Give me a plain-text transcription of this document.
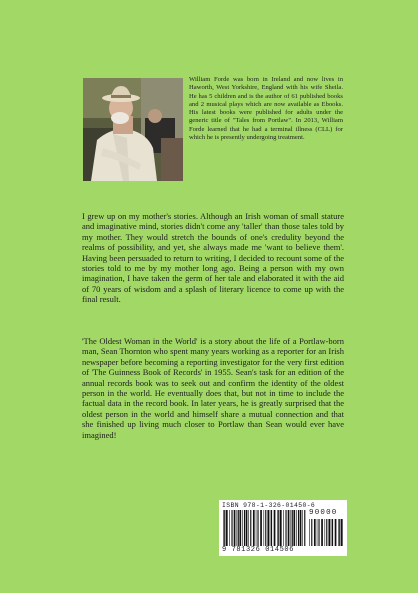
William Forde was born in Ireland and now lives in Haworth, West Yorkshire, England with his wife Sheila. He has 5 children and is the author of 61 published books and 2 musical plays which are now available as Ebooks. His latest books were published for adults under the generic title of "Tales from Portlaw". In 2013, William Forde learned that he had a terminal illness (CLL) for which he is presently undergoing treatment.

I grew up on my mother's stories. Although an Irish woman of small stature and imaginative mind, stories didn't come any 'taller' than those tales told by my mother. They would stretch the bounds of one's credulity beyond the realms of possibility, and yet, she always made me 'want to believe them'. Having been persuaded to return to writing, I decided to recount some of the stories told to me by my mother long ago. Being a person with my own imagination, I have taken the germ of her tale and elaborated it with the aid of 70 years of wisdom and a splash of literary licence to come up with the final result.

'The Oldest Woman in the World' is a story about the life of a Portlaw-born man, Sean Thornton who spent many years working as a reporter for an Irish newspaper before becoming a reporting investigator for the very first edition of 'The Guinness Book of Records' in 1955. Sean's task for an edition of the annual records book was to seek out and confirm the identity of the oldest person in the world. He eventually does that, but not in time to include the factual data in the record book. In later years, he is greatly surprised that the oldest person in the world and himself share a mutual connection and that she finished up living much closer to Portlaw than Sean would ever have imagined!

ISBN 978-1-326-01450-6
90000
9 781326 014506
